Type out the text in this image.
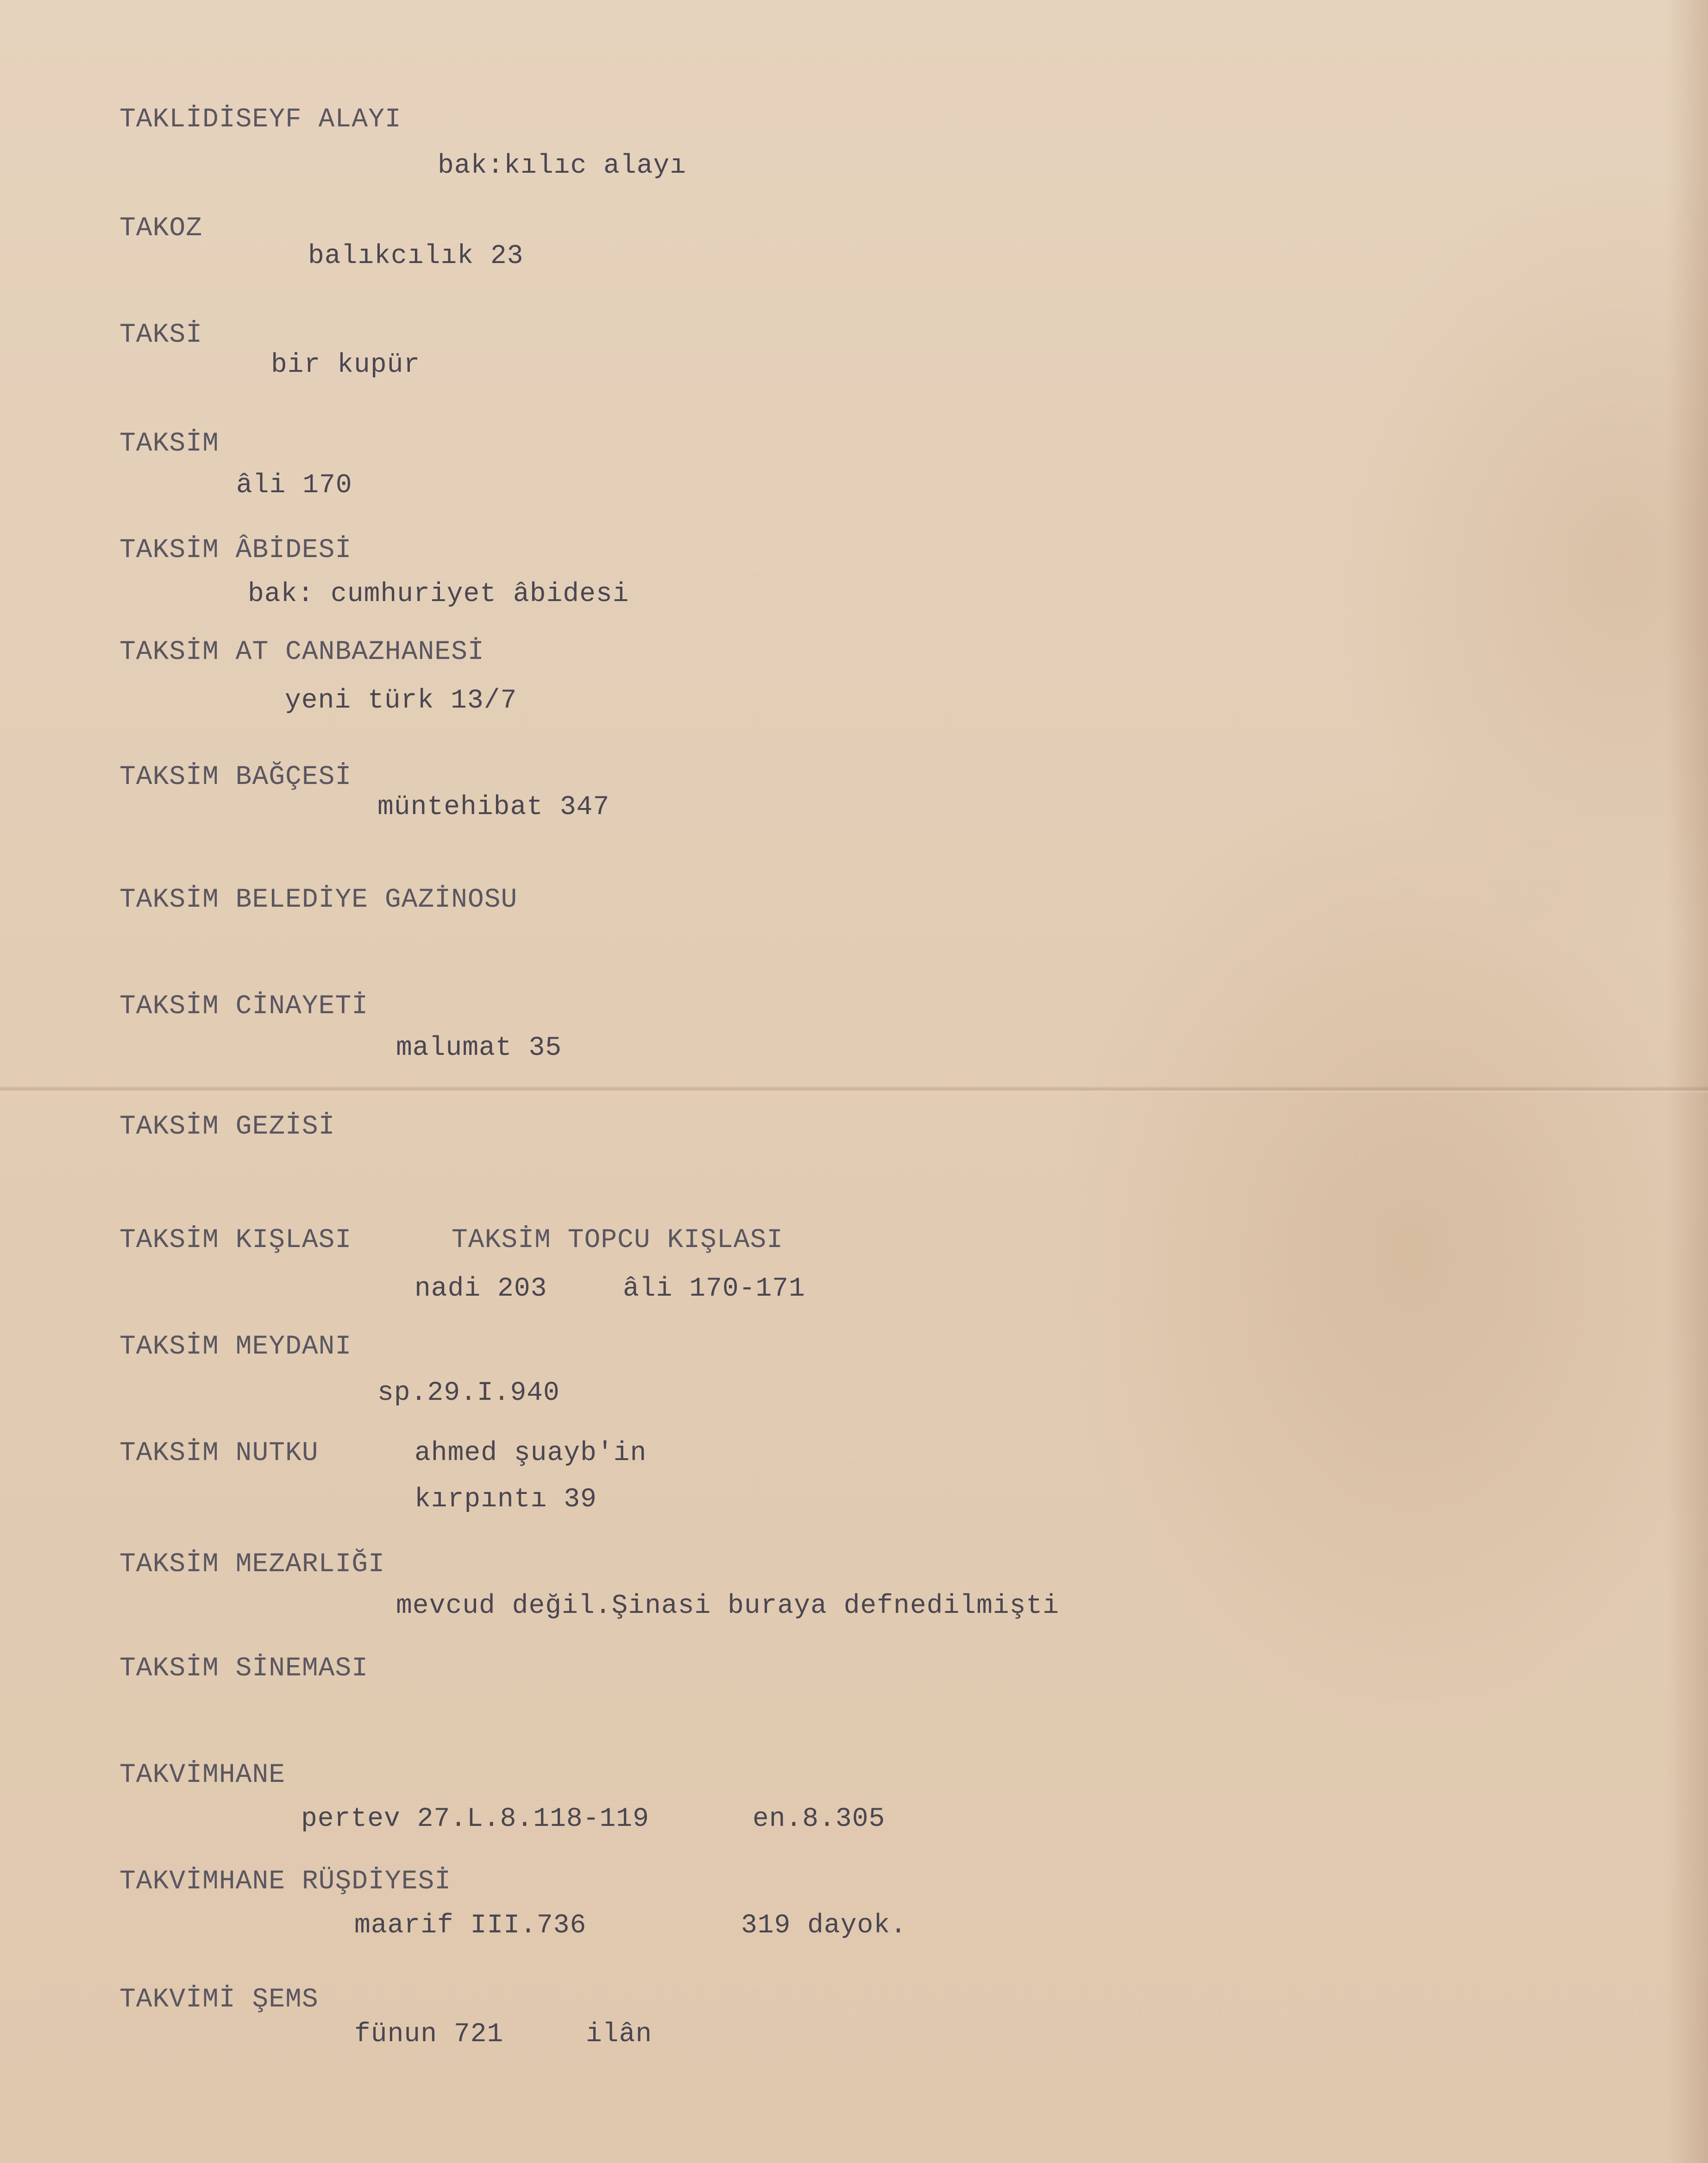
TAKLİDİSEYF ALAYI

bak:kılıc alayı

TAKOZ

balıkcılık 23

TAKSİ

bir kupür

TAKSİM

âli 170

TAKSİM ÂBİDESİ

bak: cumhuriyet âbidesi

TAKSİM AT CANBAZHANESİ

yeni türk 13/7

TAKSİM BAĞÇESİ

müntehibat 347

TAKSİM BELEDİYE GAZİNOSU

TAKSİM CİNAYETİ

malumat 35

TAKSİM GEZİSİ

TAKSİM KIŞLASI	TAKSİM TOPCU KIŞLASI

nadi 203	âli 170-171

TAKSİM MEYDANI

sp.29.I.940

TAKSİM NUTKU	ahmed şuayb'in

kırpıntı 39

TAKSİM MEZARLIĞI

mevcud değil.Şinasi buraya defnedilmişti

TAKSİM SİNEMASI

TAKVİMHANE

pertev 27.L.8.118-119	en.8.305

TAKVİMHANE RÜŞDİYESİ

maarif III.736	319 dayok.

TAKVİMİ ŞEMS

fünun 721	ilân
